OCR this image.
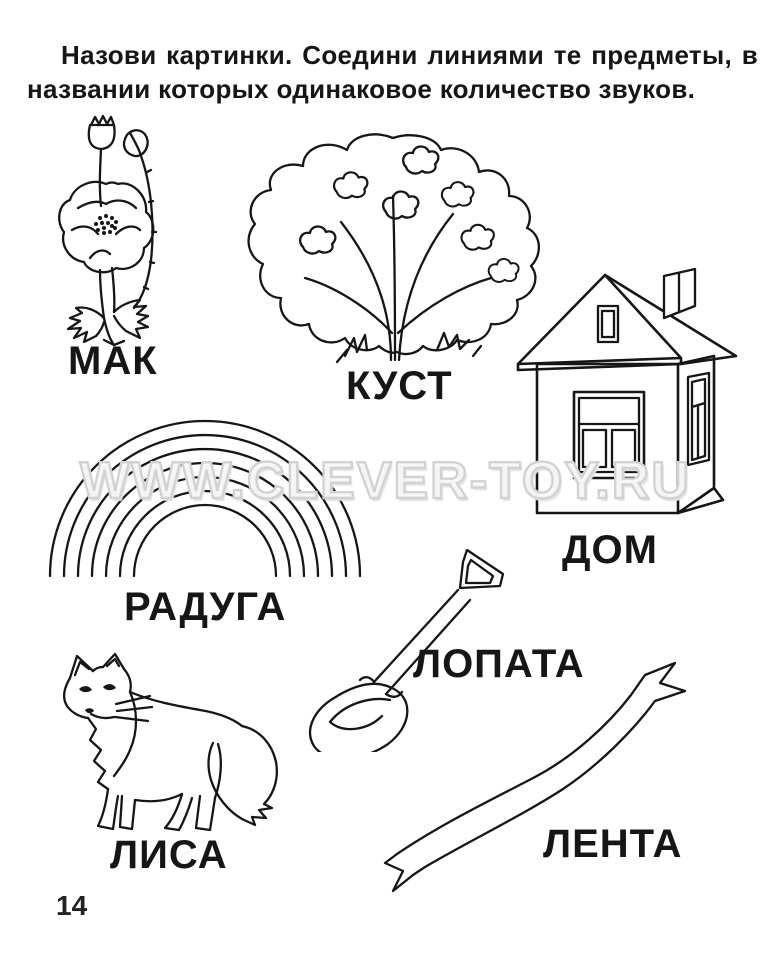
Назови картинки. Соедини линиями те предметы, в
названии которых одинаковое количество звуков.

МАК
КУСТ
ДОМ
РАДУГА
ЛОПАТА
ЛИСА	ЛЕНТА
WWW.CLEVER-TOY.RU
14
